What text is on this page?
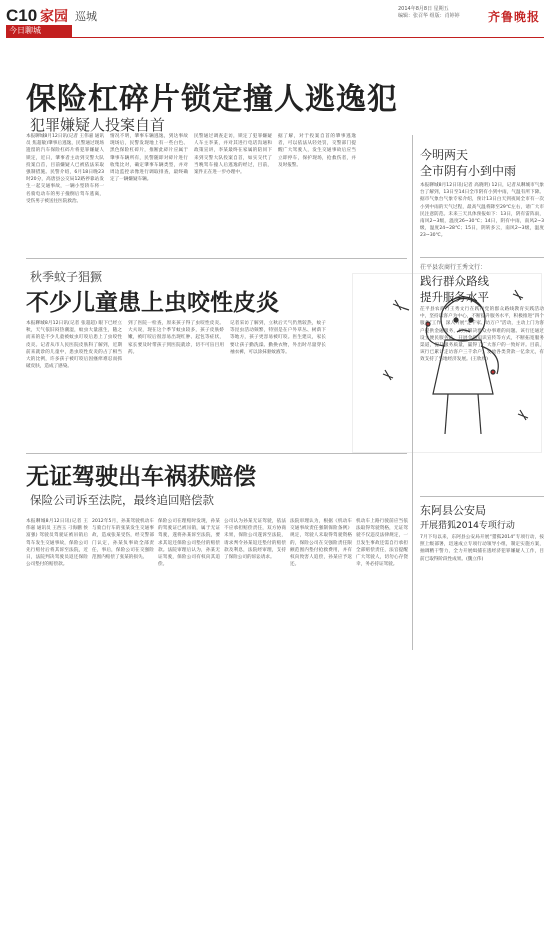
C10 家园 巡城
今日聊城
2014年8月8日 星期五
编辑：张召华 组版：肖婷婷	齐鲁晚报
保险杠碎片锁定撞人逃逸犯
犯罪嫌疑人投案自首
本报聊城8月12日讯(记者 王伟嘉 通讯员 焦超敏)肇事后逃逸，民警通过现场遗留的汽车保险杠碎片将犯罪嫌疑人锁定，近日，肇事者主动到交警大队投案自首，目前嫌疑人已被依法采取强制措施。民警介绍，6月18日晚23时20分，高唐县公交局12路停靠站发生一起交通事故，一辆小型轿车将一名骑电动车的男子撞倒后驾车逃离，受伤男子被送往医院救治。
情况不明，肇事车辆逃逸，到达事故现场后，民警发现地上有一些白色、黑色保险杠碎片，推断此碎片应属于肇事车辆所有，民警随即对碎片进行收集比对，确定肇事车辆类型，并对周边监控录像进行调取排查，最终确定了一辆嫌疑车辆。
民警通过调查走访，锁定了犯罪嫌疑人车主李某，并对其进行电话沟通和政策宣讲，李某最终在家属的陪同下来到交警大队投案自首，如实交代了当晚驾车撞人后逃逸的经过，目前，案件正在进一步办理中。
据了解，对于投案自首的肇事逃逸者，可以依法从轻处罚，交警部门提醒广大驾驶人，发生交通事故后应当立即停车，保护现场，抢救伤者，并及时报警。
秋季蚊子猖獗
不少儿童患上虫咬性皮炎
本报聊城8月12日讯(记者 张超超) 眼下已经立秋，天气依旧闷热潮湿，蚊虫大量滋生，随之而来的是不少儿童被蚊虫叮咬后患上了虫咬性皮炎。记者从市人民医院皮肤科了解到，近期前来就诊的儿童中，患虫咬性皮炎的占了相当大的比例，许多孩子被叮咬后因瘙痒难忍而抓破皮肤，造成了感染。
到了医院一检查，原来孩子得了虫咬性皮炎。大夫说，现在这个季节蚊虫较多，孩子皮肤娇嫩，被叮咬后很容易出现红肿、起包等症状，家长要及时带孩子到医院就诊，切不可盲目用药。
记者采访了解到，立秋后天气仍然较热，蚊子等昆虫活动频繁，特别是在户外草丛、树荫下等地方，孩子更容易被叮咬。医生建议，家长要让孩子勤洗澡、勤换衣物，外出时尽量穿长袖衣裤，可以涂抹驱蚊液等。
无证驾驶出车祸获赔偿
保险公司诉至法院，最终追回赔偿款
本报聊城8月12日讯(记者 王伟嘉 通讯员 王西玉 刁海鹏 侯富强) 驾驶员驾驶证被吊销后驾车发生交通事故，保险公司先行赔付后将其诉至法院，近日，法院判决驾驶员返还保险公司垫付的赔偿款。
2012年5月，孙某驾驶机动车与骑自行车的张某发生交通事故，造成张某受伤，经交警部门认定，孙某负事故全部责任，事后，保险公司在交强险范围内赔偿了张某的损失。
保险公司在理赔时发现，孙某的驾驶证已被吊销，属于无证驾驶，遂将孙某诉至法院，要求其返还保险公司垫付的赔偿款。法院审理后认为，孙某无证驾驶，保险公司有权向其追偿。
公司认为孙某无证驾驶，依法不应承担赔偿责任，双方协商未果，保险公司遂诉至法院，请求判令孙某返还垫付的赔偿款及利息，法院经审理，支持了保险公司的诉讼请求。
法院审理认为，根据《机动车交通事故责任强制保险条例》规定，驾驶人未取得驾驶资格的，保险公司在交强险责任限额范围内垫付抢救费用，并有权向致害人追偿，孙某应予返还。
机动车上路行驶前应当依法取得驾驶资格，无证驾驶不仅违反法律规定，一旦发生事故还需自行承担全部赔偿责任，法官提醒广大驾驶人，切勿心存侥幸，务必持证驾驶。
今明两天
全市阴有小到中雨
本报聊城8月12日讯(记者 高晓明) 12日，记者从聊城市气象台了解到，13日至14日全市阴有小到中雨，气温有所下降。据市气象台气象专家介绍，预计13日白天到夜间全市有一次小到中雨的天气过程，最高气温将降至29℃左右，请广大市民注意防范。未来三天具体预报如下：13日，阴有雷阵雨，南风2~3级，温度26~30℃；14日，阴有中雨，南风2~3级，温度24~28℃；15日，阴转多云，南风2~3级，温度23~30℃。
茌平县农商行王秀文行：
践行群众路线
提升服务水平
茌平县农商行王秀文行在践行党的群众路线教育实践活动中，坚持以客户为中心，不断提升服务水平，积极推进“四个服务”工作，深入开展“走千家、访万户”活动，主动上门为客户提供金融服务，切实解决群众办事难的问题。该行还通过设立便民服务站、开展金融知识宣传等方式，不断拓宽服务渠道，提升服务质量，赢得了广大客户的一致好评。目前，该行已累计走访客户三千余户，发放各类贷款一亿余元，有效支持了当地经济发展。(王欣欣)
东阿县公安局
开展猎狐2014专项行动
7月下旬以来，东阿县公安局开展“猎狐2014”专项行动，按照上级部署，迅速成立专项行动领导小组，制定实施方案，抽调精干警力，全力开展缉捕在逃经济犯罪嫌疑人工作，目前已取得阶段性成果。(魏立伟)
